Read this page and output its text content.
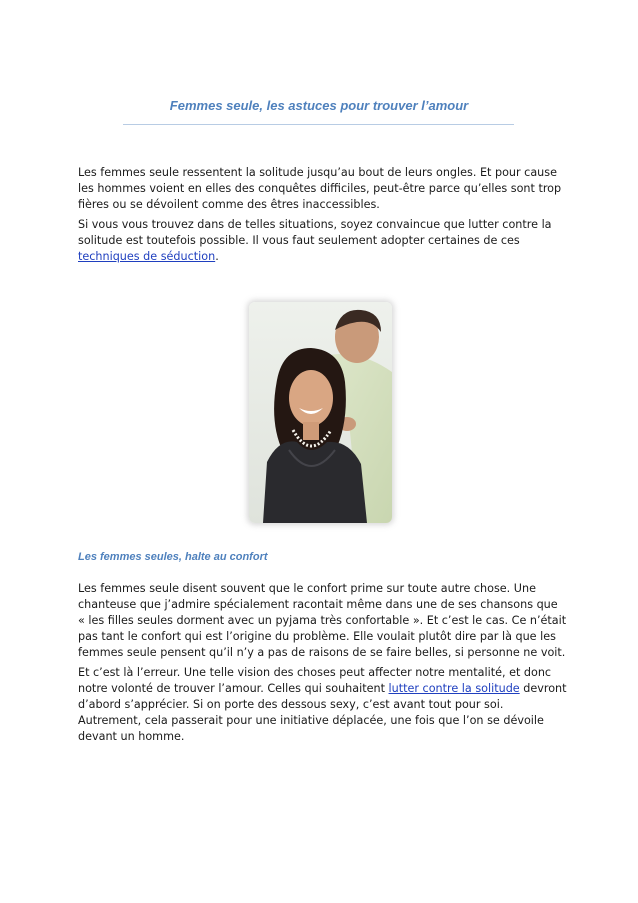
Femmes seule, les astuces pour trouver l’amour

Les femmes seule ressentent la solitude jusqu’au bout de leurs ongles. Et pour cause les hommes voient en elles des conquêtes difficiles, peut-être parce qu’elles sont trop fières ou se dévoilent comme des êtres inaccessibles.

Si vous vous trouvez dans de telles situations, soyez convaincue que lutter contre la solitude est toutefois possible. Il vous faut seulement adopter certaines de ces techniques de séduction.

Les femmes seules, halte au confort

Les femmes seule disent souvent que le confort prime sur toute autre chose. Une chanteuse que j’admire spécialement racontait même dans une de ses chansons que « les filles seules dorment avec un pyjama très confortable ». Et c’est le cas. Ce n’était pas tant le confort qui est l’origine du problème. Elle voulait plutôt dire par là que les femmes seule pensent qu’il n’y a pas de raisons de se faire belles, si personne ne voit.

Et c’est là l’erreur. Une telle vision des choses peut affecter notre mentalité, et donc notre volonté de trouver l’amour. Celles qui souhaitent lutter contre la solitude devront d’abord s’apprécier. Si on porte des dessous sexy, c’est avant tout pour soi. Autrement, cela passerait pour une initiative déplacée, une fois que l’on se dévoile devant un homme.
